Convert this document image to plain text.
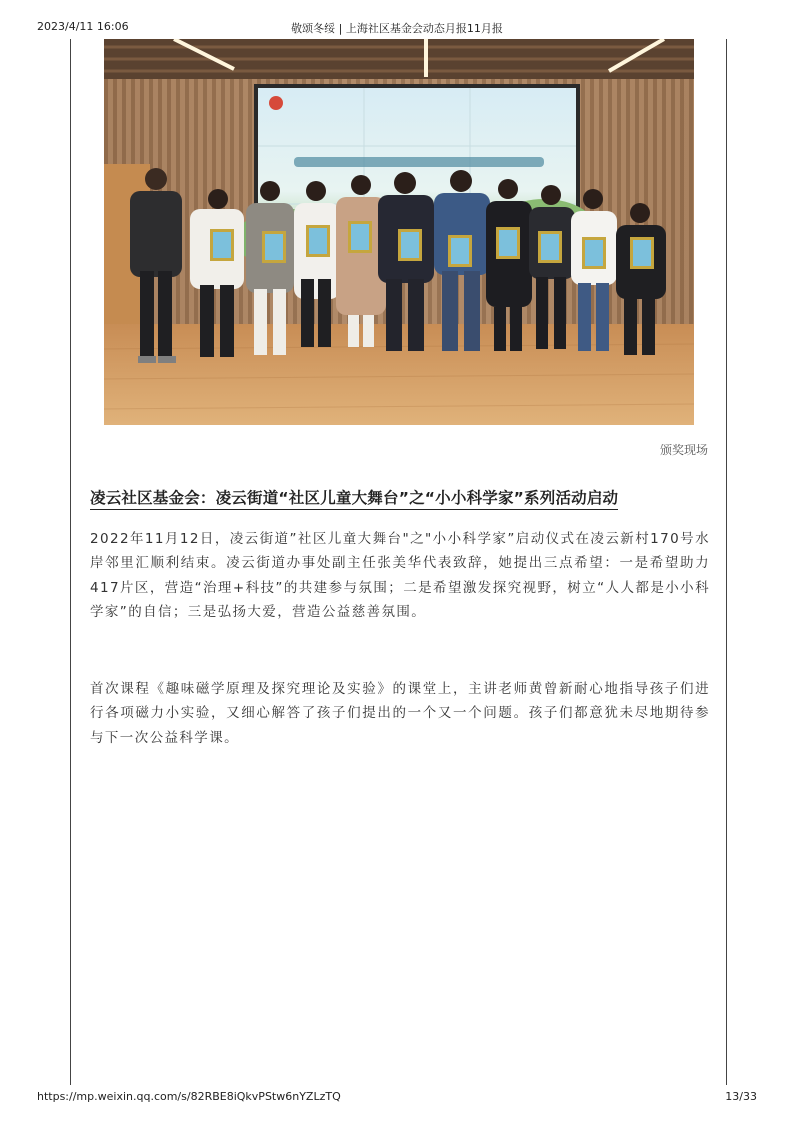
2023/4/11 16:06	敬颂冬绥 | 上海社区基金会动态月报11月报
颁奖现场
凌云社区基金会：凌云街道“社区儿童大舞台”之“小小科学家”系列活动启动
2022年11月12日，凌云街道”社区儿童大舞台"之"小小科学家”启动仪式在凌云新村170号水岸邻里汇顺利结束。凌云街道办事处副主任张美华代表致辞，她提出三点希望：一是希望助力417片区，营造“治理+科技”的共建参与氛围；二是希望激发探究视野，树立“人人都是小小科学家”的自信；三是弘扬大爱，营造公益慈善氛围。
首次课程《趣味磁学原理及探究理论及实验》的课堂上，主讲老师黄曾新耐心地指导孩子们进行各项磁力小实验，又细心解答了孩子们提出的一个又一个问题。孩子们都意犹未尽地期待参与下一次公益科学课。
https://mp.weixin.qq.com/s/82RBE8iQkvPStw6nYZLzTQ	13/33
